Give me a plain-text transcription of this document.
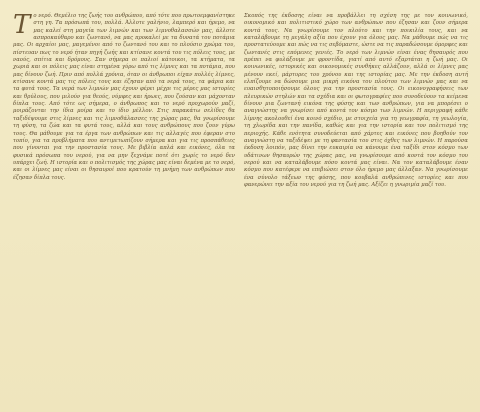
Το νερό. Θεμέλιο της ζωής του ανθρώπου, από τότε που πρωτοεμφανίστηκε στη γη. Τα πρόσωπά του, πολλά. Άλλοτε γαλήνιο, λαμπερό και ήρεμο, να μας καλεί στη μαγεία των λιμνών και των λιμνοθαλασσών μας, άλλοτε ασπροκαύθαρο και ζωντανό, να μας προκαλεί με τα δυνατά του ποτάμια μας. Οι αρχαίοι μας, μαγεμένοι από το ζωντανό του και το πλούσιο χρώμα του, πίστευαν πως το νερό ήταν πηγή ζωής και κτίσανε κοντά του τις πόλεις τους, με ναούς, σπίτια και δρόμους. Σαν σήμερα οι παλιοί κάτοικοι, τα κτήματα, τα χωριά και οι πόλεις μας είναι στημένα γύρω από τις λίμνες και τα ποτάμια, που μας δίνουν ζωή. Πριν από πολλά χρόνια, όταν οι άνθρωποι είχαν πολλές λίμνες, κτίσανε κοντά μας τις πόλεις τους και έζησαν από τα νερά τους, τα ψάρια και τα φυτά τους. Τα νερά των λιμνών μας έχουν φέρει μέχρι τις μέρες μας ιστορίες και θρύλους, που μιλούν για θεούς, νύμφες και ήρωες, που ζούσαν και μάχονταν δίπλα τους. Από τότε ως σήμερα, ο άνθρωπος και το νερό προχωρούν μαζί, μοιράζονται την ίδια μοίρα και το ίδιο μέλλον. Στις παρακάτω σελίδες θα ταξιδέψουμε στις λίμνες και τις λιμνοθάλασσες της χώρας μας, θα γνωρίσουμε τη φύση, τα ζώα και τα φυτά τους, αλλά και τους ανθρώπους που ζουν γύρω τους. Θα μάθουμε για τα έργα των ανθρώπων και τις αλλαγές που έφεραν στο τοπίο, για τα προβλήματα που αντιμετωπίζουν σήμερα και για τις προσπάθειες που γίνονται για την προστασία τους. Με βιβλία απλά και εικόνες, όλα τα φυσικά πρόσωπα του νερού, για να μην ξεχνάμε ποτέ ότι χωρίς το νερό δεν υπάρχει ζωή. Η ιστορία και ο πολιτισμός της χώρας μας είναι δεμένα με το νερό, και οι λίμνες μας είναι οι θησαυροί που κρατούν τη μνήμη των ανθρώπων που έζησαν δίπλα τους.

Σκοπός της έκδοσης είναι να προβάλλει τη σχέση της με τον κοινωνικό, οικονομικό και πολιτιστικό χώρο των ανθρώπων που έζησαν και ζουν σήμερα κοντά τους. Να γνωρίσουμε τον πλούτο και την ποικιλία τους, και να καταλάβουμε τη μεγάλη αξία που έχουν για όλους μας. Να μάθουμε πώς να τις προστατεύουμε και πώς να τις σεβόμαστε, ώστε να τις παραδώσουμε όμορφες και ζωντανές στις επόμενες γενιές. Το νερό των λιμνών είναι ένας θησαυρός που πρέπει να φυλάξουμε με φροντίδα, γιατί από αυτό εξαρτάται η ζωή μας. Οι κοινωνικές, ιστορικές και οικονομικές συνθήκες αλλάζουν, αλλά οι λίμνες μας μένουν εκεί, μάρτυρες του χρόνου και της ιστορίας μας. Με την έκδοση αυτή ελπίζουμε να δώσουμε μια μικρή εικόνα του πλούτου των λιμνών μας και να ευαισθητοποιήσουμε όλους για την προστασία τους. Οι εικονογραφήσεις των πλευρικών στηλών και τα σχέδια και οι φωτογραφίες που συνοδεύουν τα κείμενα δίνουν μια ζωντανή εικόνα της φύσης και των ανθρώπων, για να μπορέσει ο αναγνώστης να γνωρίσει από κοντά τον κόσμο των λιμνών. Η περιγραφή κάθε λίμνης ακολουθεί ένα κοινό σχέδιο, με στοιχεία για τη γεωγραφία, τη γεωλογία, τη χλωρίδα και την πανίδα, καθώς και για την ιστορία και τον πολιτισμό της περιοχής. Κάθε ενότητα συνοδεύεται από χάρτες και εικόνες που βοηθούν τον αναγνώστη να ταξιδέψει με τη φαντασία του στις όχθες των λιμνών. Η παρούσα έκδοση λοιπόν, μας δίνει την ευκαιρία να κάνουμε ένα ταξίδι στον κόσμο των υδάτινων θησαυρών της χώρας μας, να γνωρίσουμε από κοντά τον κόσμο του νερού και να καταλάβουμε πόσο κοντά μας είναι. Να τον καταλάβουμε έναν κόσμο που κατέφερε να επιβιώσει στον όλο ήρεμο μας άλλαξαν. Να γνωρίσουμε ένα σύνολο τάξεων της φύσης, που κουβαλά ανθρώπινες ιστορίες και που φανερώνει την αξία του νερού για τη ζωή μας. Αξίζει η γνωριμία μαζί του.
